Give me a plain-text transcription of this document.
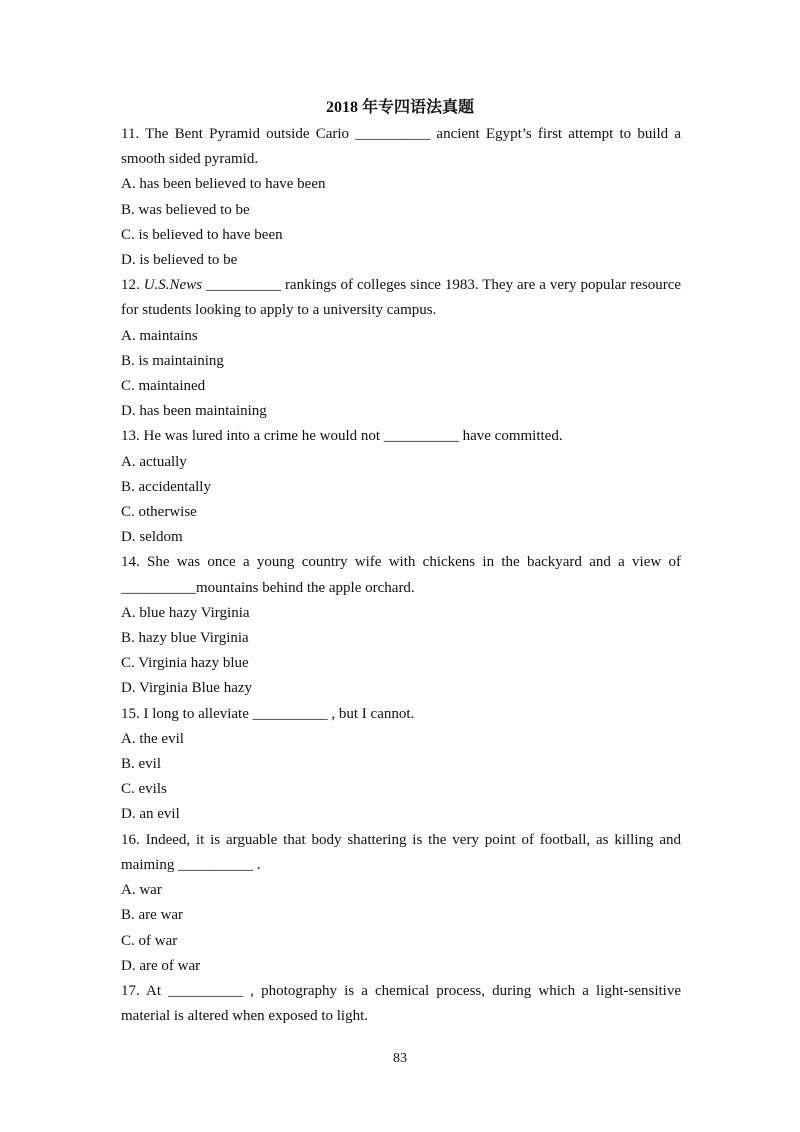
2018 年专四语法真题

11. The Bent Pyramid outside Cario __________ ancient Egypt’s first attempt to build a smooth sided pyramid.

A. has been believed to have been

B. was believed to be

C. is believed to have been

D. is believed to be

12. U.S.News __________ rankings of colleges since 1983. They are a very popular resource for students looking to apply to a university campus.

A. maintains

B. is maintaining

C. maintained

D. has been maintaining

13. He was lured into a crime he would not __________ have committed.

A. actually

B. accidentally

C. otherwise

D. seldom

14. She was once a young country wife with chickens in the backyard and a view of __________mountains behind the apple orchard.

A. blue hazy Virginia

B. hazy blue Virginia

C. Virginia hazy blue

D. Virginia Blue hazy

15. I long to alleviate __________ , but I cannot.

A. the evil

B. evil

C. evils

D. an evil

16. Indeed, it is arguable that body shattering is the very point of football, as killing and maiming __________ .

A. war

B. are war

C. of war

D. are of war

17. At __________ , photography is a chemical process, during which a light-sensitive material is altered when exposed to light.

83
